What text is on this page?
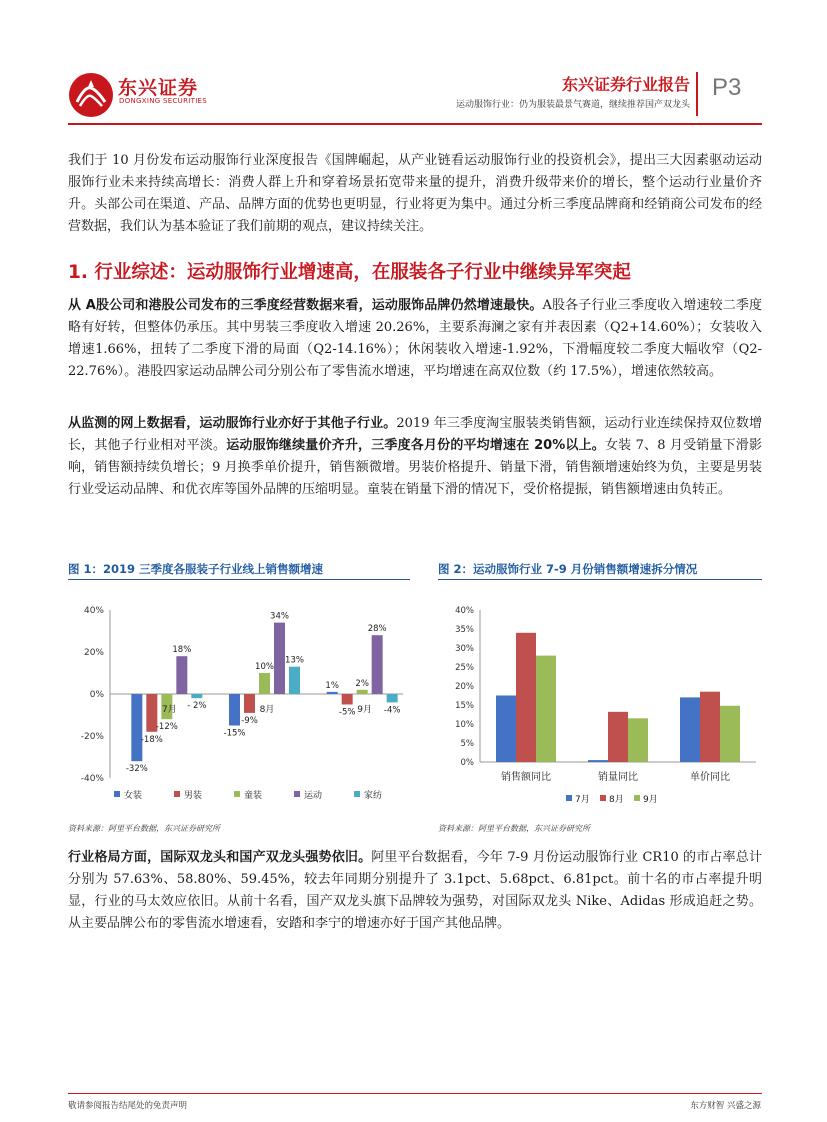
东兴证券
DONGXING SECURITIES
东兴证券行业报告
运动服饰行业：仍为服装最景气赛道，继续推荐国产双龙头
P3
我们于 10 月份发布运动服饰行业深度报告《国牌崛起，从产业链看运动服饰行业的投资机会》，提出三大因素驱动运动服饰行业未来持续高增长：消费人群上升和穿着场景拓宽带来量的提升，消费升级带来价的增长，整个运动行业量价齐升。头部公司在渠道、产品、品牌方面的优势也更明显，行业将更为集中。通过分析三季度品牌商和经销商公司发布的经营数据，我们认为基本验证了我们前期的观点，建议持续关注。
1. 行业综述：运动服饰行业增速高，在服装各子行业中继续异军突起
从 A股公司和港股公司发布的三季度经营数据来看，运动服饰品牌仍然增速最快。A股各子行业三季度收入增速较二季度略有好转，但整体仍承压。其中男装三季度收入增速 20.26%，主要系海澜之家有并表因素（Q2+14.60%）；女装收入增速1.66%，扭转了二季度下滑的局面（Q2-14.16%）；休闲装收入增速-1.92%，下滑幅度较二季度大幅收窄（Q2-22.76%）。港股四家运动品牌公司分别公布了零售流水增速，平均增速在高双位数（约 17.5%），增速依然较高。
从监测的网上数据看，运动服饰行业亦好于其他子行业。2019 年三季度淘宝服装类销售额，运动行业连续保持双位数增长，其他子行业相对平淡。运动服饰继续量价齐升，三季度各月份的平均增速在 20%以上。女装 7、8 月受销量下滑影响，销售额持续负增长；9 月换季单价提升，销售额微增。男装价格提升、销量下滑，销售额增速始终为负，主要是男装行业受运动品牌、和优衣库等国外品牌的压缩明显。童装在销量下滑的情况下，受价格提振，销售额增速由负转正。
图 1：2019 三季度各服装子行业线上销售额增速	图 2：运动服饰行业 7-9 月份销售额增速拆分情况
40%
20%
0%
-20%
-40%
-32%
-18%
-12%
18%
- 2%
7月
-15%
-9%
10%
34%
13%
8月
1%
-5%
2%
28%
-4%
9月
女装	男装	童装	运动	家纺
40%
35%
30%
25%
20%
15%
10%
5%
0%
销售额同比	销量同比	单价同比
7月 8月 9月
资料来源：阿里平台数据，东兴证券研究所	资料来源：阿里平台数据，东兴证券研究所
行业格局方面，国际双龙头和国产双龙头强势依旧。阿里平台数据看，今年 7-9 月份运动服饰行业 CR10 的市占率总计分别为 57.63%、58.80%、59.45%，较去年同期分别提升了 3.1pct、5.68pct、6.81pct。前十名的市占率提升明显，行业的马太效应依旧。从前十名看，国产双龙头旗下品牌较为强势，对国际双龙头 Nike、Adidas 形成追赶之势。从主要品牌公布的零售流水增速看，安踏和李宁的增速亦好于国产其他品牌。
敬请参阅报告结尾处的免责声明	东方财智 兴盛之源
